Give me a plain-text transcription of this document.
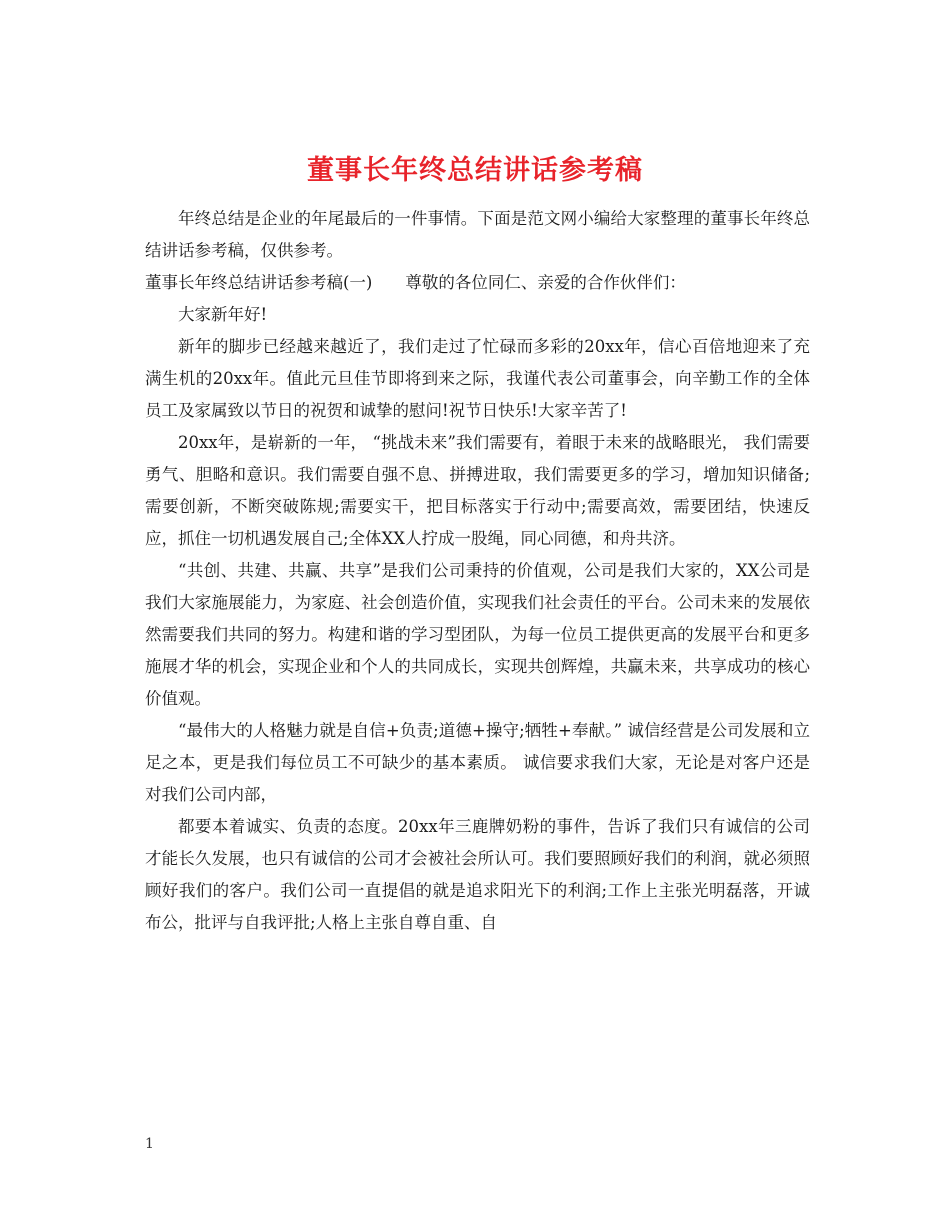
董事长年终总结讲话参考稿

年终总结是企业的年尾最后的一件事情。下面是范文网小编给大家整理的董事长年终总结讲话参考稿，仅供参考。

董事长年终总结讲话参考稿(一)　　尊敬的各位同仁、亲爱的合作伙伴们：

大家新年好!

新年的脚步已经越来越近了，我们走过了忙碌而多彩的20xx年，信心百倍地迎来了充满生机的20xx年。值此元旦佳节即将到来之际，我谨代表公司董事会，向辛勤工作的全体员工及家属致以节日的祝贺和诚挚的慰问!祝节日快乐!大家辛苦了!

20xx年，是崭新的一年， “挑战未来”我们需要有，着眼于未来的战略眼光， 我们需要勇气、胆略和意识。我们需要自强不息、拼搏进取，我们需要更多的学习，增加知识储备;需要创新，不断突破陈规;需要实干，把目标落实于行动中;需要高效，需要团结，快速反应，抓住一切机遇发展自己;全体XX人拧成一股绳，同心同德，和舟共济。

“共创、共建、共赢、共享”是我们公司秉持的价值观，公司是我们大家的，XX公司是我们大家施展能力，为家庭、社会创造价值，实现我们社会责任的平台。公司未来的发展依然需要我们共同的努力。构建和谐的学习型团队，为每一位员工提供更高的发展平台和更多施展才华的机会，实现企业和个人的共同成长，实现共创辉煌，共赢未来，共享成功的核心价值观。

“最伟大的人格魅力就是自信+负责;道德+操守;牺牲+奉献。” 诚信经营是公司发展和立足之本，更是我们每位员工不可缺少的基本素质。 诚信要求我们大家，无论是对客户还是对我们公司内部，

都要本着诚实、负责的态度。20xx年三鹿牌奶粉的事件，告诉了我们只有诚信的公司才能长久发展，也只有诚信的公司才会被社会所认可。我们要照顾好我们的利润，就必须照顾好我们的客户。我们公司一直提倡的就是追求阳光下的利润;工作上主张光明磊落，开诚布公，批评与自我评批;人格上主张自尊自重、自

1
